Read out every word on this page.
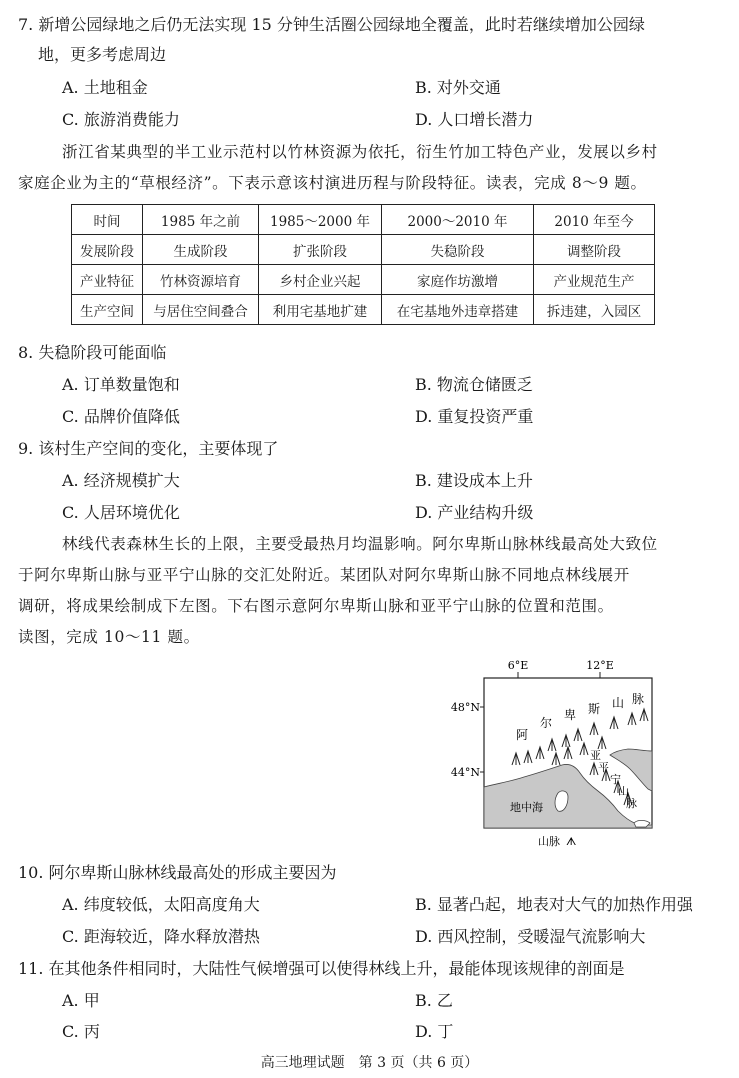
7. 新增公园绿地之后仍无法实现 15 分钟生活圈公园绿地全覆盖，此时若继续增加公园绿
地，更多考虑周边
A. 土地租金	B. 对外交通
C. 旅游消费能力	D. 人口增长潜力
浙江省某典型的半工业示范村以竹林资源为依托，衍生竹加工特色产业，发展以乡村
家庭企业为主的“草根经济”。下表示意该村演进历程与阶段特征。读表，完成 8～9 题。
时间	1985 年之前	1985～2000 年	2000～2010 年	2010 年至今
发展阶段	生成阶段	扩张阶段	失稳阶段	调整阶段
产业特征	竹林资源培育	乡村企业兴起	家庭作坊激增	产业规范生产
生产空间	与居住空间叠合	利用宅基地扩建	在宅基地外违章搭建	拆违建，入园区
8. 失稳阶段可能面临
A. 订单数量饱和	B. 物流仓储匮乏
C. 品牌价值降低	D. 重复投资严重
9. 该村生产空间的变化，主要体现了
A. 经济规模扩大	B. 建设成本上升
C. 人居环境优化	D. 产业结构升级
林线代表森林生长的上限，主要受最热月均温影响。阿尔卑斯山脉林线最高处大致位
于阿尔卑斯山脉与亚平宁山脉的交汇处附近。某团队对阿尔卑斯山脉不同地点林线展开
调研，将成果绘制成下左图。下右图示意阿尔卑斯山脉和亚平宁山脉的位置和范围。
读图，完成 10～11 题。
6°E	12°E
48°N
44°N
阿
尔
卑 斯 山 脉
亚
平
宁
山
脉
地中海
山脉 ᗑ
10. 阿尔卑斯山脉林线最高处的形成主要因为
A. 纬度较低，太阳高度角大	B. 显著凸起，地表对大气的加热作用强
C. 距海较近，降水释放潜热	D. 西风控制，受暖湿气流影响大
11. 在其他条件相同时，大陆性气候增强可以使得林线上升，最能体现该规律的剖面是
A. 甲	B. 乙
C. 丙	D. 丁
高三地理试题　第 3 页（共 6 页）
